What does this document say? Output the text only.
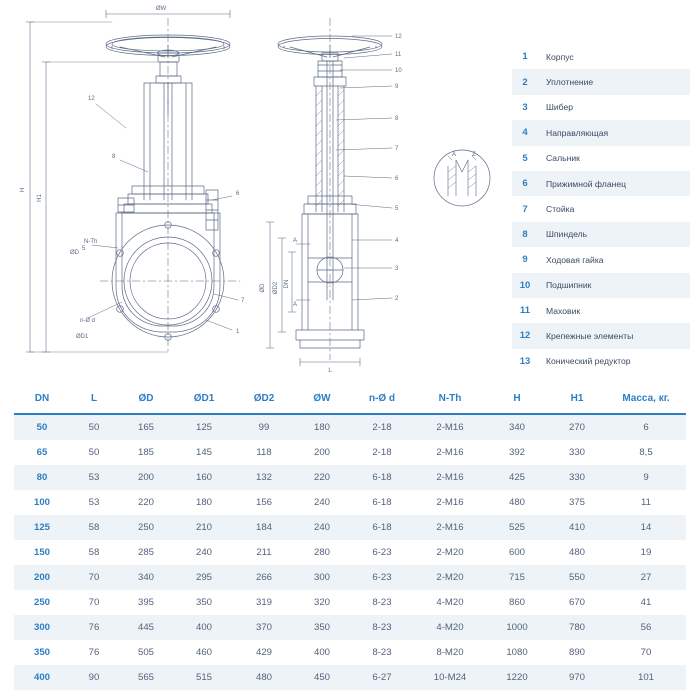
ØW
H
H1
12
8
N-Th
5
n-Ø d
ØD1
ØD
6
7
1
12
11
10
9
8
7
6
5
4
3
2
ØD ØD2 DN
L
A
A
A	Z
1	Корпус
2	Уплотнение
3	Шибер
4	Направляющая
5	Сальник
6	Прижимной фланец
7	Стойка
8	Шпиндель
9	Ходовая гайка
10	Подшипник
11	Маховик
12	Крепежные элементы
13	Конический редуктор
DN	L	ØD	ØD1	ØD2	ØW	n-Ø d	N-Th	H	H1	Масса, кг.
50	50	165	125	99	180	2-18	2-M16	340	270	6
65	50	185	145	118	200	2-18	2-M16	392	330	8,5
80	53	200	160	132	220	6-18	2-M16	425	330	9
100	53	220	180	156	240	6-18	2-M16	480	375	11
125	58	250	210	184	240	6-18	2-M16	525	410	14
150	58	285	240	211	280	6-23	2-M20	600	480	19
200	70	340	295	266	300	6-23	2-M20	715	550	27
250	70	395	350	319	320	8-23	4-M20	860	670	41
300	76	445	400	370	350	8-23	4-M20	1000	780	56
350	76	505	460	429	400	8-23	8-M20	1080	890	70
400	90	565	515	480	450	6-27	10-M24	1220	970	101
